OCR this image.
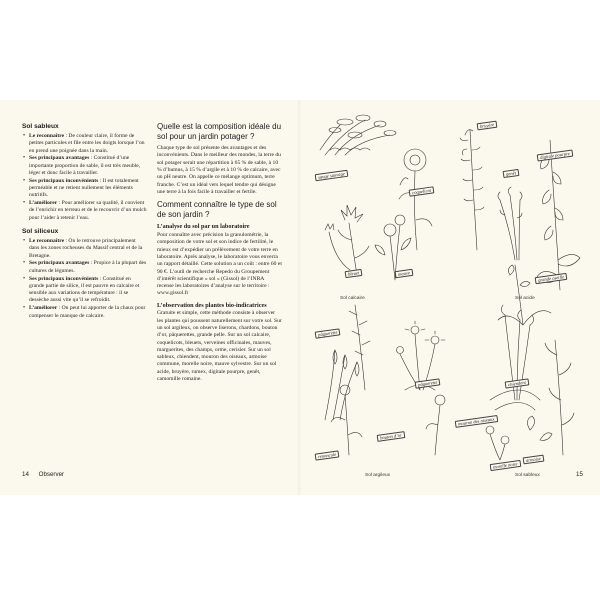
Sol sableux
• Le reconnaître : De couleur claire, il forme de petites particules et file entre les doigts lorsque l’on en prend une poignée dans la main.
• Ses principaux avantages : Constitué d’une importante proportion de sable, il est très meuble, léger et donc facile à travailler.
• Ses principaux inconvénients : Il est totalement perméable et ne retient nullement les éléments nutritifs.
• L’améliorer : Pour améliorer sa qualité, il convient de l’enrichir en terreau et de le recouvrir d’un mulch pour l’aider à retenir l’eau.
Sol siliceux
• Le reconnaître : On le retrouve principalement dans les zones rocheuses du Massif central et de la Bretagne.
• Ses principaux avantages : Propice à la plupart des cultures de légumes.
• Ses principaux inconvénients : Constitué en grande partie de silice, il est pauvre en calcaire et sensible aux variations de température : il se dessèche aussi vite qu’il se refroidit.
• L’améliorer : On peut lui apporter de la chaux pour compenser le manque de calcaire.
Quelle est la composition idéale du sol pour un jardin potager ?

Chaque type de sol présente des avantages et des inconvénients. Dans le meilleur des mondes, la terre du sol potager serait une répartition à 65 % de sable, à 10 % d’humus, à 15 % d’argile et à 10 % de calcaire, avec un pH neutre. On appelle ce mélange optimum, terre franche. C’est un idéal vers lequel tendre qui désigne une terre à la fois facile à travailler et fertile.

Comment connaître le type de sol de son jardin ?
L’analyse du sol par un laboratoire

Pour connaître avec précision la granulométrie, la composition de votre sol et son indice de fertilité, le mieux est d’expédier un prélèvement de votre terre en laboratoire. Après analyse, le laboratoire vous enverra un rapport détaillé. Cette solution a un coût : entre 60 et 90 €. L’outil de recherche Repedo du Groupement d’intérêt scientifique « sol » (Gissol) de l’INRA recense les laboratoires d’analyse sur le territoire : www.gissol.fr

L’observation des plantes bio-indicatrices

Gratuite et simple, cette méthode consiste à observer les plantes qui poussent naturellement sur votre sol. Sur un sol argileux, on observe liserons, chardons, bouton d’or, pâquerettes, grande pelle. Sur un sol calcaire, coquelicots, bleuets, verveines officinales, mauves, marguerites, des champs, orme, cerisier. Sur un sol sableux, chiendent, mouron des oiseaux, armoise commune, morelle noire, mauve sylvestre. Sur un sol acide, bruyère, rumex, digitale pourpre, genêt, camomille romaine.

14 Observer	15
Sol calcaire	Sol acide
Sol argileux	Sol sableux
sauge sauvage
coquelicot
bleuet	mauve
bruyère
digitale pourpre
genêt
grande oseille
pâquerette
chiendent
pâquerette
renoncule
bouton d’or
mouron des oiseaux
morelle noire
armoise
